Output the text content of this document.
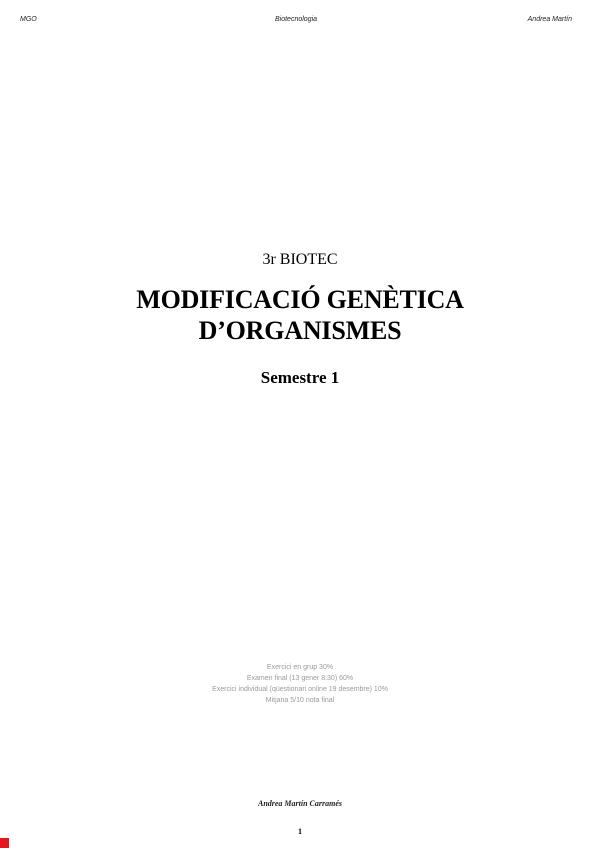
MGO	Biotecnologia	Andrea Martín

3r BIOTEC

MODIFICACIÓ GENÈTICA
D’ORGANISMES

Semestre 1

Exercici en grup 30%
Examen final (13 gener 8:30) 60%
Exercici individual (qüestionari online 19 desembre) 10%
Mitjana 5/10 nota final
Andrea Martín Carramés
1
